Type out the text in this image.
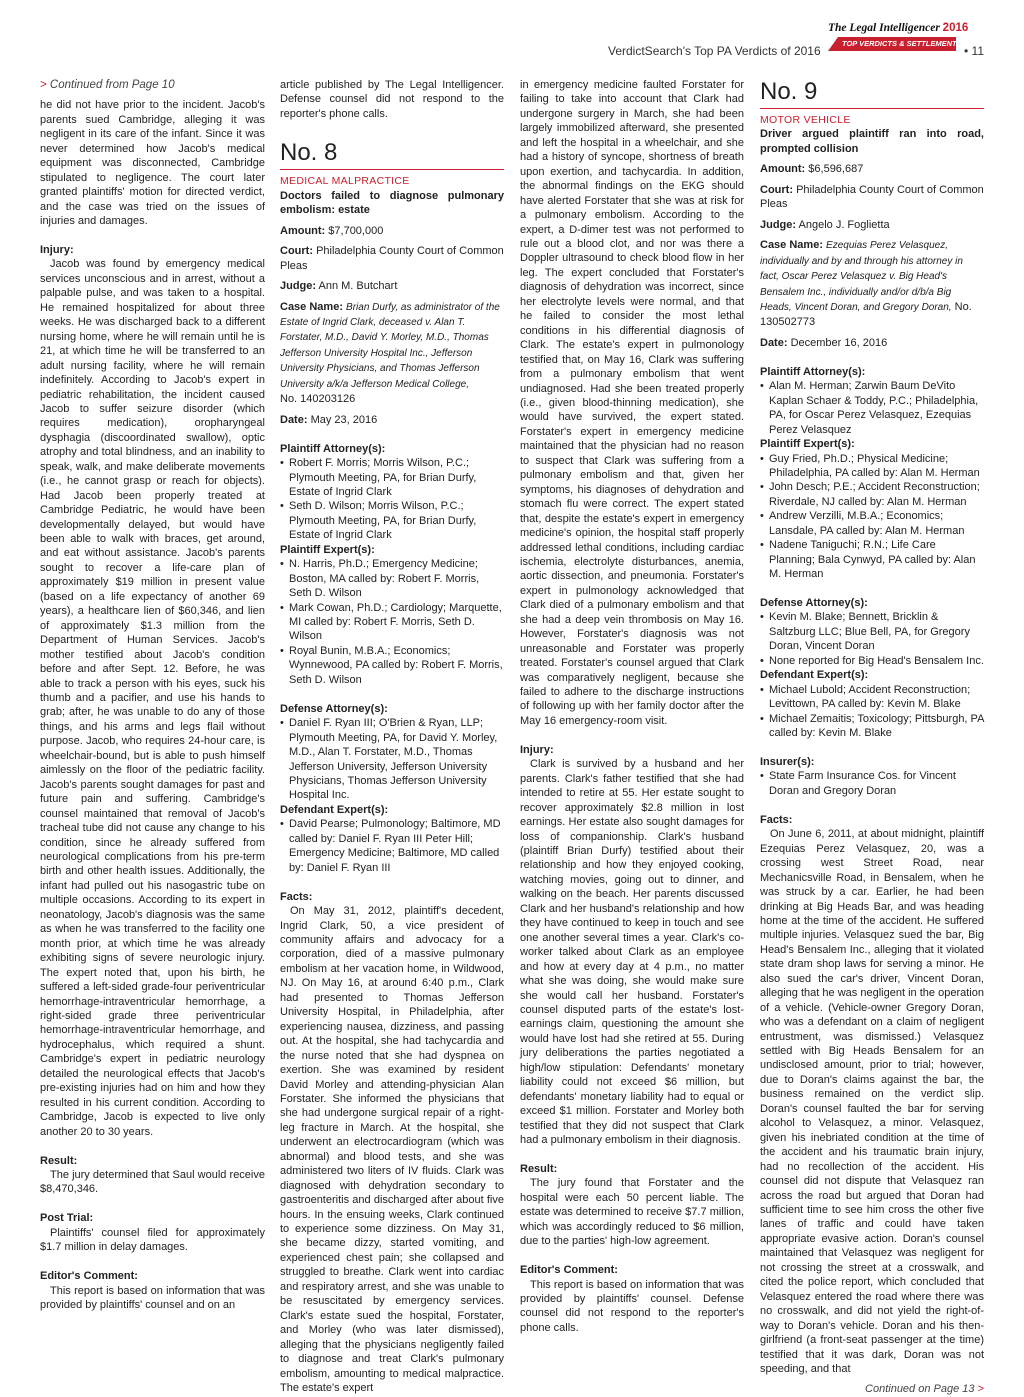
VerdictSearch's Top PA Verdicts of 2016
The Legal Intelligencer 2016
TOP VERDICTS & SETTLEMENTS
• 11

> Continued from Page 10

he did not have prior to the incident. Jacob's parents sued Cambridge, alleging it was negligent in its care of the infant. Since it was never determined how Jacob's medical equipment was disconnected, Cambridge stipulated to negligence. The court later granted plaintiffs' motion for directed verdict, and the case was tried on the issues of injuries and damages.

Injury:

Jacob was found by emergency medical services unconscious and in arrest, without a palpable pulse, and was taken to a hospital. He remained hospitalized for about three weeks. He was discharged back to a different nursing home, where he will remain until he is 21, at which time he will be transferred to an adult nursing facility, where he will remain indefinitely. According to Jacob's expert in pediatric rehabilitation, the incident caused Jacob to suffer seizure disorder (which requires medication), oropharyngeal dysphagia (discoordinated swallow), optic atrophy and total blindness, and an inability to speak, walk, and make deliberate movements (i.e., he cannot grasp or reach for objects). Had Jacob been properly treated at Cambridge Pediatric, he would have been developmentally delayed, but would have been able to walk with braces, get around, and eat without assistance. Jacob's parents sought to recover a life-care plan of approximately $19 million in present value (based on a life expectancy of another 69 years), a healthcare lien of $60,346, and lien of approximately $1.3 million from the Department of Human Services. Jacob's mother testified about Jacob's condition before and after Sept. 12. Before, he was able to track a person with his eyes, suck his thumb and a pacifier, and use his hands to grab; after, he was unable to do any of those things, and his arms and legs flail without purpose. Jacob, who requires 24-hour care, is wheelchair-bound, but is able to push himself aimlessly on the floor of the pediatric facility. Jacob's parents sought damages for past and future pain and suffering. Cambridge's counsel maintained that removal of Jacob's tracheal tube did not cause any change to his condition, since he already suffered from neurological complications from his pre-term birth and other health issues. Additionally, the infant had pulled out his nasogastric tube on multiple occasions. According to its expert in neonatology, Jacob's diagnosis was the same as when he was transferred to the facility one month prior, at which time he was already exhibiting signs of severe neurologic injury. The expert noted that, upon his birth, he suffered a left-sided grade-four periventricular hemorrhage-intraventricular hemorrhage, a right-sided grade three periventricular hemorrhage-intraventricular hemorrhage, and hydrocephalus, which required a shunt. Cambridge's expert in pediatric neurology detailed the neurological effects that Jacob's pre-existing injuries had on him and how they resulted in his current condition. According to Cambridge, Jacob is expected to live only another 20 to 30 years.

Result:

The jury determined that Saul would receive $8,470,346.

Post Trial:

Plaintiffs' counsel filed for approximately $1.7 million in delay damages.

Editor's Comment:

This report is based on information that was provided by plaintiffs' counsel and on an

article published by The Legal Intelligencer. Defense counsel did not respond to the reporter's phone calls.

No. 8

MEDICAL MALPRACTICE

Doctors failed to diagnose pulmonary embolism: estate

Amount: $7,700,000

Court: Philadelphia County Court of Common Pleas

Judge: Ann M. Butchart

Case Name: Brian Durfy, as administrator of the Estate of Ingrid Clark, deceased v. Alan T. Forstater, M.D., David Y. Morley, M.D., Thomas Jefferson University Hospital Inc., Jefferson University Physicians, and Thomas Jefferson University a/k/a Jefferson Medical College,
No. 140203126

Date: May 23, 2016

Plaintiff Attorney(s):

• Robert F. Morris; Morris Wilson, P.C.; Plymouth Meeting, PA, for Brian Durfy, Estate of Ingrid Clark
• Seth D. Wilson; Morris Wilson, P.C.; Plymouth Meeting, PA, for Brian Durfy, Estate of Ingrid Clark

Plaintiff Expert(s):

• N. Harris, Ph.D.; Emergency Medicine; Boston, MA called by: Robert F. Morris, Seth D. Wilson
• Mark Cowan, Ph.D.; Cardiology; Marquette, MI called by: Robert F. Morris, Seth D. Wilson
• Royal Bunin, M.B.A.; Economics; Wynnewood, PA called by: Robert F. Morris, Seth D. Wilson

Defense Attorney(s):

• Daniel F. Ryan III; O'Brien & Ryan, LLP; Plymouth Meeting, PA, for David Y. Morley, M.D., Alan T. Forstater, M.D., Thomas Jefferson University, Jefferson University Physicians, Thomas Jefferson University Hospital Inc.

Defendant Expert(s):

• David Pearse; Pulmonology; Baltimore, MD called by: Daniel F. Ryan III Peter Hill; Emergency Medicine; Baltimore, MD called by: Daniel F. Ryan III

Facts:

On May 31, 2012, plaintiff's decedent, Ingrid Clark, 50, a vice president of community affairs and advocacy for a corporation, died of a massive pulmonary embolism at her vacation home, in Wildwood, NJ. On May 16, at around 6:40 p.m., Clark had presented to Thomas Jefferson University Hospital, in Philadelphia, after experiencing nausea, dizziness, and passing out. At the hospital, she had tachycardia and the nurse noted that she had dyspnea on exertion. She was examined by resident David Morley and attending-physician Alan Forstater. She informed the physicians that she had undergone surgical repair of a right-leg fracture in March. At the hospital, she underwent an electrocardiogram (which was abnormal) and blood tests, and she was administered two liters of IV fluids. Clark was diagnosed with dehydration secondary to gastroenteritis and discharged after about five hours. In the ensuing weeks, Clark continued to experience some dizziness. On May 31, she became dizzy, started vomiting, and experienced chest pain; she collapsed and struggled to breathe. Clark went into cardiac and respiratory arrest, and she was unable to be resuscitated by emergency services. Clark's estate sued the hospital, Forstater, and Morley (who was later dismissed), alleging that the physicians negligently failed to diagnose and treat Clark's pulmonary embolism, amounting to medical malpractice. The estate's expert

in emergency medicine faulted Forstater for failing to take into account that Clark had undergone surgery in March, she had been largely immobilized afterward, she presented and left the hospital in a wheelchair, and she had a history of syncope, shortness of breath upon exertion, and tachycardia. In addition, the abnormal findings on the EKG should have alerted Forstater that she was at risk for a pulmonary embolism. According to the expert, a D-dimer test was not performed to rule out a blood clot, and nor was there a Doppler ultrasound to check blood flow in her leg. The expert concluded that Forstater's diagnosis of dehydration was incorrect, since her electrolyte levels were normal, and that he failed to consider the most lethal conditions in his differential diagnosis of Clark. The estate's expert in pulmonology testified that, on May 16, Clark was suffering from a pulmonary embolism that went undiagnosed. Had she been treated properly (i.e., given blood-thinning medication), she would have survived, the expert stated. Forstater's expert in emergency medicine maintained that the physician had no reason to suspect that Clark was suffering from a pulmonary embolism and that, given her symptoms, his diagnoses of dehydration and stomach flu were correct. The expert stated that, despite the estate's expert in emergency medicine's opinion, the hospital staff properly addressed lethal conditions, including cardiac ischemia, electrolyte disturbances, anemia, aortic dissection, and pneumonia. Forstater's expert in pulmonology acknowledged that Clark died of a pulmonary embolism and that she had a deep vein thrombosis on May 16. However, Forstater's diagnosis was not unreasonable and Forstater was properly treated. Forstater's counsel argued that Clark was comparatively negligent, because she failed to adhere to the discharge instructions of following up with her family doctor after the May 16 emergency-room visit.

Injury:

Clark is survived by a husband and her parents. Clark's father testified that she had intended to retire at 55. Her estate sought to recover approximately $2.8 million in lost earnings. Her estate also sought damages for loss of companionship. Clark's husband (plaintiff Brian Durfy) testified about their relationship and how they enjoyed cooking, watching movies, going out to dinner, and walking on the beach. Her parents discussed Clark and her husband's relationship and how they have continued to keep in touch and see one another several times a year. Clark's co-worker talked about Clark as an employee and how at every day at 4 p.m., no matter what she was doing, she would make sure she would call her husband. Forstater's counsel disputed parts of the estate's lost-earnings claim, questioning the amount she would have lost had she retired at 55. During jury deliberations the parties negotiated a high/low stipulation: Defendants' monetary liability could not exceed $6 million, but defendants' monetary liability had to equal or exceed $1 million. Forstater and Morley both testified that they did not suspect that Clark had a pulmonary embolism in their diagnosis.

Result:

The jury found that Forstater and the hospital were each 50 percent liable. The estate was determined to receive $7.7 million, which was accordingly reduced to $6 million, due to the parties' high-low agreement.

Editor's Comment:

This report is based on information that was provided by plaintiffs' counsel. Defense counsel did not respond to the reporter's phone calls.

No. 9

MOTOR VEHICLE

Driver argued plaintiff ran into road, prompted collision

Amount: $6,596,687

Court: Philadelphia County Court of Common Pleas

Judge: Angelo J. Foglietta

Case Name: Ezequias Perez Velasquez, individually and by and through his attorney in fact, Oscar Perez Velasquez v. Big Head's Bensalem Inc., individually and/or d/b/a Big Heads, Vincent Doran, and Gregory Doran, No. 130502773

Date: December 16, 2016

Plaintiff Attorney(s):

• Alan M. Herman; Zarwin Baum DeVito Kaplan Schaer & Toddy, P.C.; Philadelphia, PA, for Oscar Perez Velasquez, Ezequias Perez Velasquez

Plaintiff Expert(s):

• Guy Fried, Ph.D.; Physical Medicine; Philadelphia, PA called by: Alan M. Herman
• John Desch; P.E.; Accident Reconstruction; Riverdale, NJ called by: Alan M. Herman
• Andrew Verzilli, M.B.A.; Economics; Lansdale, PA called by: Alan M. Herman
• Nadene Taniguchi; R.N.; Life Care Planning; Bala Cynwyd, PA called by: Alan M. Herman

Defense Attorney(s):

• Kevin M. Blake; Bennett, Bricklin & Saltzburg LLC; Blue Bell, PA, for Gregory Doran, Vincent Doran
• None reported for Big Head's Bensalem Inc.

Defendant Expert(s):

• Michael Lubold; Accident Reconstruction; Levittown, PA called by: Kevin M. Blake
• Michael Zemaitis; Toxicology; Pittsburgh, PA called by: Kevin M. Blake

Insurer(s):

• State Farm Insurance Cos. for Vincent Doran and Gregory Doran

Facts:

On June 6, 2011, at about midnight, plaintiff Ezequias Perez Velasquez, 20, was a crossing west Street Road, near Mechanicsville Road, in Bensalem, when he was struck by a car. Earlier, he had been drinking at Big Heads Bar, and was heading home at the time of the accident. He suffered multiple injuries. Velasquez sued the bar, Big Head's Bensalem Inc., alleging that it violated state dram shop laws for serving a minor. He also sued the car's driver, Vincent Doran, alleging that he was negligent in the operation of a vehicle. (Vehicle-owner Gregory Doran, who was a defendant on a claim of negligent entrustment, was dismissed.) Velasquez settled with Big Heads Bensalem for an undisclosed amount, prior to trial; however, due to Doran's claims against the bar, the business remained on the verdict slip. Doran's counsel faulted the bar for serving alcohol to Velasquez, a minor. Velasquez, given his inebriated condition at the time of the accident and his traumatic brain injury, had no recollection of the accident. His counsel did not dispute that Velasquez ran across the road but argued that Doran had sufficient time to see him cross the other five lanes of traffic and could have taken appropriate evasive action. Doran's counsel maintained that Velasquez was negligent for not crossing the street at a crosswalk, and cited the police report, which concluded that Velasquez entered the road where there was no crosswalk, and did not yield the right-of-way to Doran's vehicle. Doran and his then-girlfriend (a front-seat passenger at the time) testified that it was dark, Doran was not speeding, and that

Continued on Page 13 >
